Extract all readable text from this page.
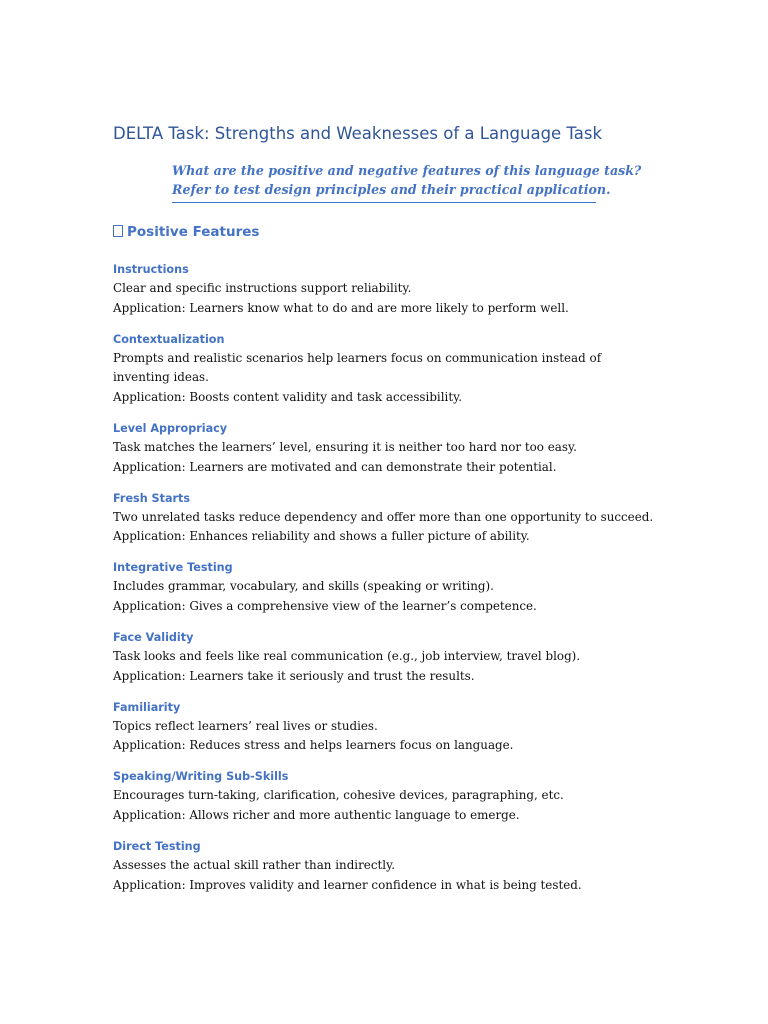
DELTA Task: Strengths and Weaknesses of a Language Task
What are the positive and negative features of this language task?
Refer to test design principles and their practical application.
Positive Features

Instructions

Clear and specific instructions support reliability.

Application: Learners know what to do and are more likely to perform well.

Contextualization

Prompts and realistic scenarios help learners focus on communication instead of inventing ideas.

Application: Boosts content validity and task accessibility.

Level Appropriacy

Task matches the learners’ level, ensuring it is neither too hard nor too easy.

Application: Learners are motivated and can demonstrate their potential.

Fresh Starts

Two unrelated tasks reduce dependency and offer more than one opportunity to succeed.

Application: Enhances reliability and shows a fuller picture of ability.

Integrative Testing

Includes grammar, vocabulary, and skills (speaking or writing).

Application: Gives a comprehensive view of the learner’s competence.

Face Validity

Task looks and feels like real communication (e.g., job interview, travel blog).

Application: Learners take it seriously and trust the results.

Familiarity

Topics reflect learners’ real lives or studies.

Application: Reduces stress and helps learners focus on language.

Speaking/Writing Sub-Skills

Encourages turn-taking, clarification, cohesive devices, paragraphing, etc.

Application: Allows richer and more authentic language to emerge.

Direct Testing

Assesses the actual skill rather than indirectly.

Application: Improves validity and learner confidence in what is being tested.
